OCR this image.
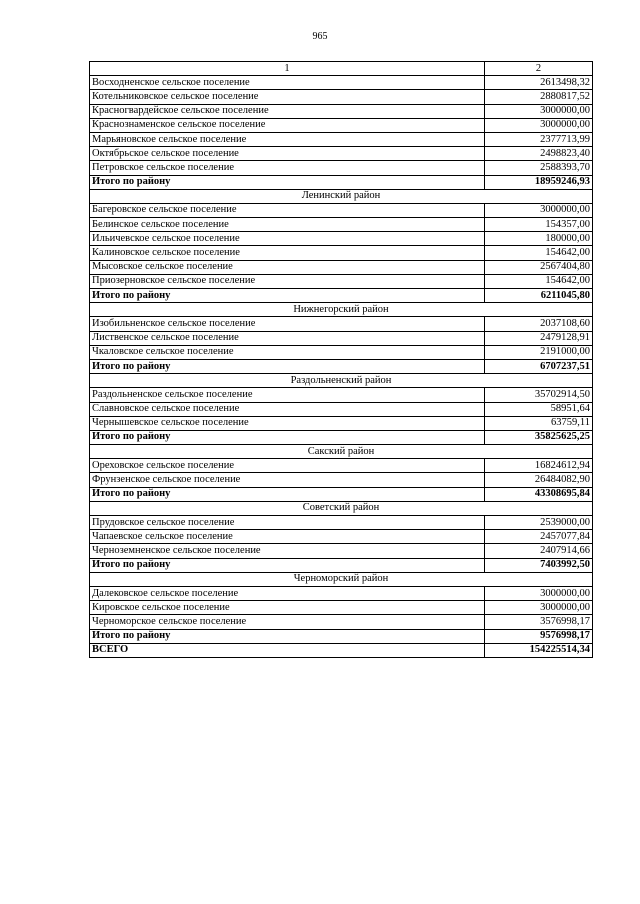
965
1	2
Восходненское сельское поселение	2613498,32
Котельниковское сельское поселение	2880817,52
Красногвардейское сельское поселение	3000000,00
Краснознаменское сельское поселение	3000000,00
Марьяновское сельское поселение	2377713,99
Октябрьское сельское поселение	2498823,40
Петровское сельское поселение	2588393,70
Итого по району	18959246,93
Ленинский район	
Багеровское сельское поселение	3000000,00
Белинское сельское поселение	154357,00
Ильичевское сельское поселение	180000,00
Калиновское сельское поселение	154642,00
Мысовское сельское поселение	2567404,80
Приозерновское сельское поселение	154642,00
Итого по району	6211045,80
Нижнегорский район	
Изобильненское сельское поселение	2037108,60
Лиственское сельское поселение	2479128,91
Чкаловское сельское поселение	2191000,00
Итого по району	6707237,51
Раздольненский район	
Раздольненское сельское поселение	35702914,50
Славновское сельское поселение	58951,64
Чернышевское сельское поселение	63759,11
Итого по району	35825625,25
Сакский район	
Ореховское сельское поселение	16824612,94
Фрунзенское сельское поселение	26484082,90
Итого по району	43308695,84
Советский район	
Прудовское сельское поселение	2539000,00
Чапаевское сельское поселение	2457077,84
Черноземненское сельское поселение	2407914,66
Итого по району	7403992,50
Черноморский район	
Далековское сельское поселение	3000000,00
Кировское сельское поселение	3000000,00
Черноморское сельское поселение	3576998,17
Итого по району	9576998,17
ВСЕГО	154225514,34
